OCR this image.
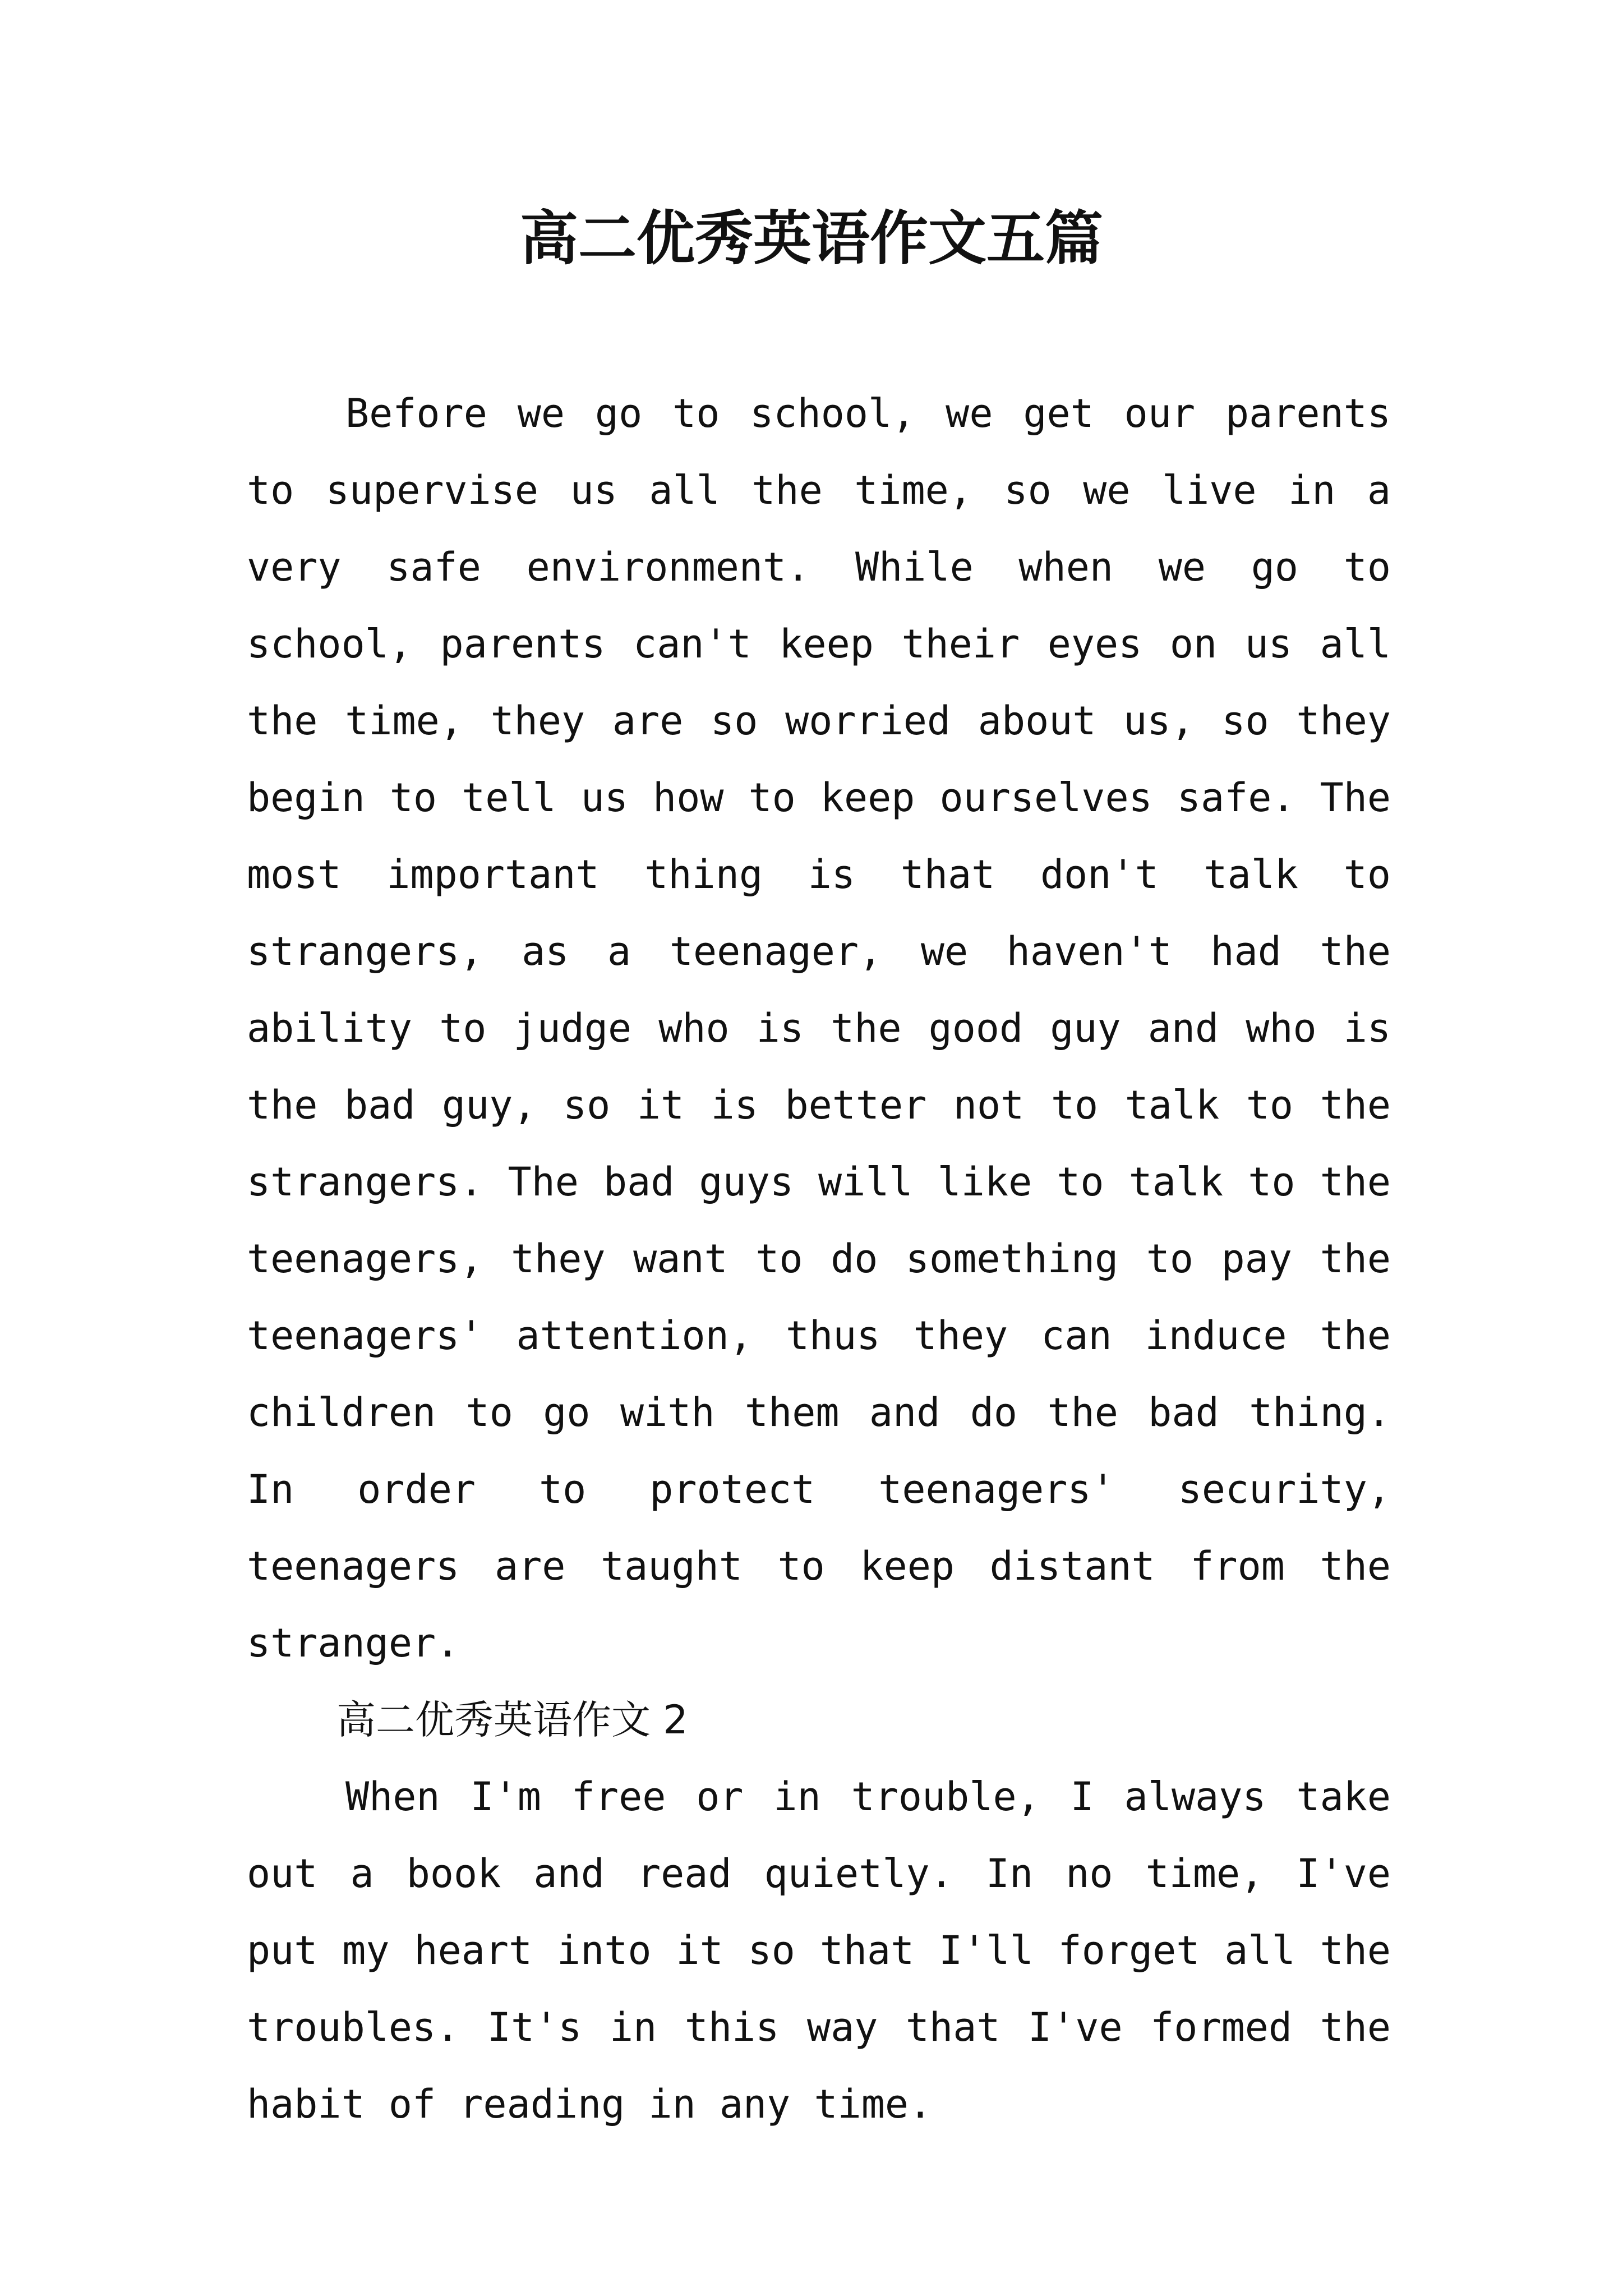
高二优秀英语作文五篇

Before we go to school, we get our parents to supervise us all the time, so we live in a very safe environment. While when we go to school, parents can't keep their eyes on us all the time, they are so worried about us, so they begin to tell us how to keep ourselves safe. The most important thing is that don't talk to strangers, as a teenager, we haven't had the ability to judge who is the good guy and who is the bad guy, so it is better not to talk to the strangers. The bad guys will like to talk to the teenagers, they want to do something to pay the teenagers' attention, thus they can induce the children to go with them and do the bad thing. In order to protect teenagers' security, teenagers are taught to keep distant from the stranger.

高二优秀英语作文 2

When I'm free or in trouble, I always take out a book and read quietly. In no time, I've put my heart into it so that I'll forget all the troubles. It's in this way that I've formed the habit of reading in any time.
